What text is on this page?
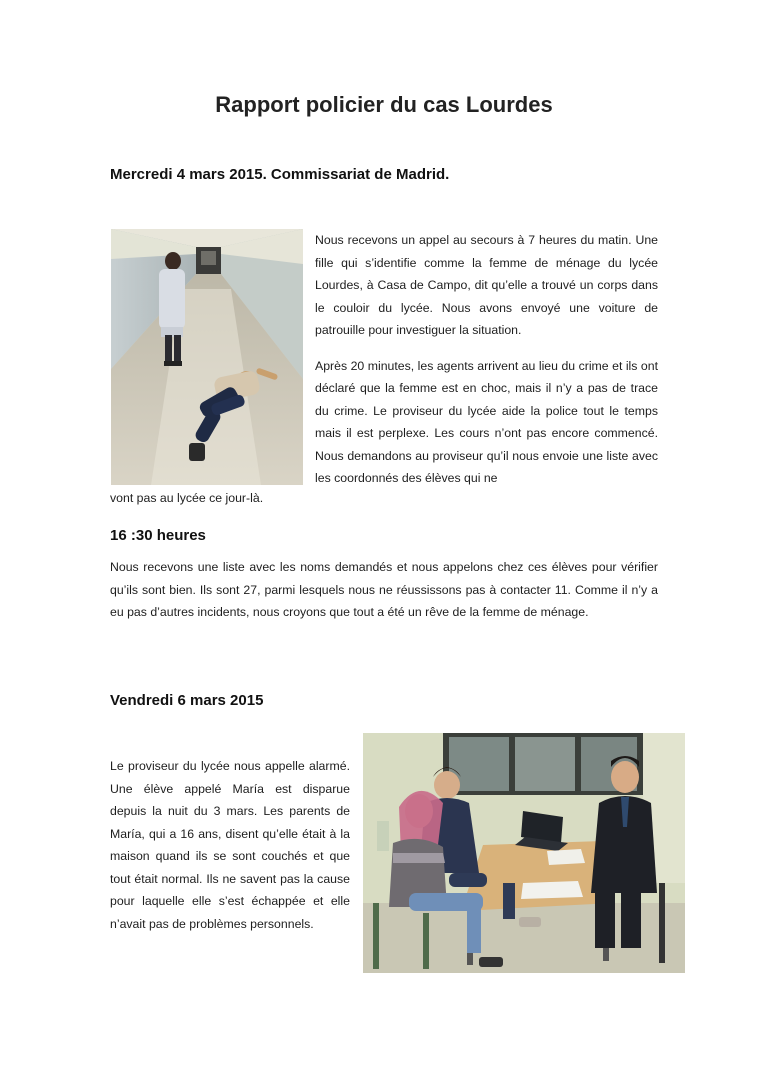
Rapport policier du cas Lourdes
Mercredi 4 mars 2015. Commissariat de Madrid.

Nous recevons un appel au secours à 7 heures du matin. Une fille qui s’identifie comme la femme de ménage du lycée Lourdes, à Casa de Campo, dit qu’elle a trouvé un corps dans le couloir du lycée. Nous avons envoyé une voiture de patrouille pour investiguer la situation.

Après 20 minutes, les agents arrivent au lieu du crime et ils ont déclaré que la femme est en choc, mais il n’y a pas de trace du crime. Le proviseur du lycée aide la police tout le temps mais il est perplexe. Les cours n’ont pas encore commencé. Nous demandons au proviseur qu’il nous envoie une liste avec les coordonnés des élèves qui ne

vont pas au lycée ce jour-là.
16 :30 heures
Nous recevons une liste avec les noms demandés et nous appelons chez ces élèves pour vérifier qu’ils sont bien. Ils sont 27, parmi lesquels nous ne réussissons pas à contacter 11. Comme il n’y a eu pas d’autres incidents, nous croyons que tout a été un rêve de la femme de ménage.
Vendredi 6 mars 2015
Le proviseur du lycée nous appelle alarmé. Une élève appelé María est disparue depuis la nuit du 3 mars. Les parents de María, qui a 16 ans, disent qu’elle était à la maison quand ils se sont couchés et que tout était normal. Ils ne savent pas la cause pour laquelle elle s’est échappée et elle n’avait pas de problèmes personnels.
